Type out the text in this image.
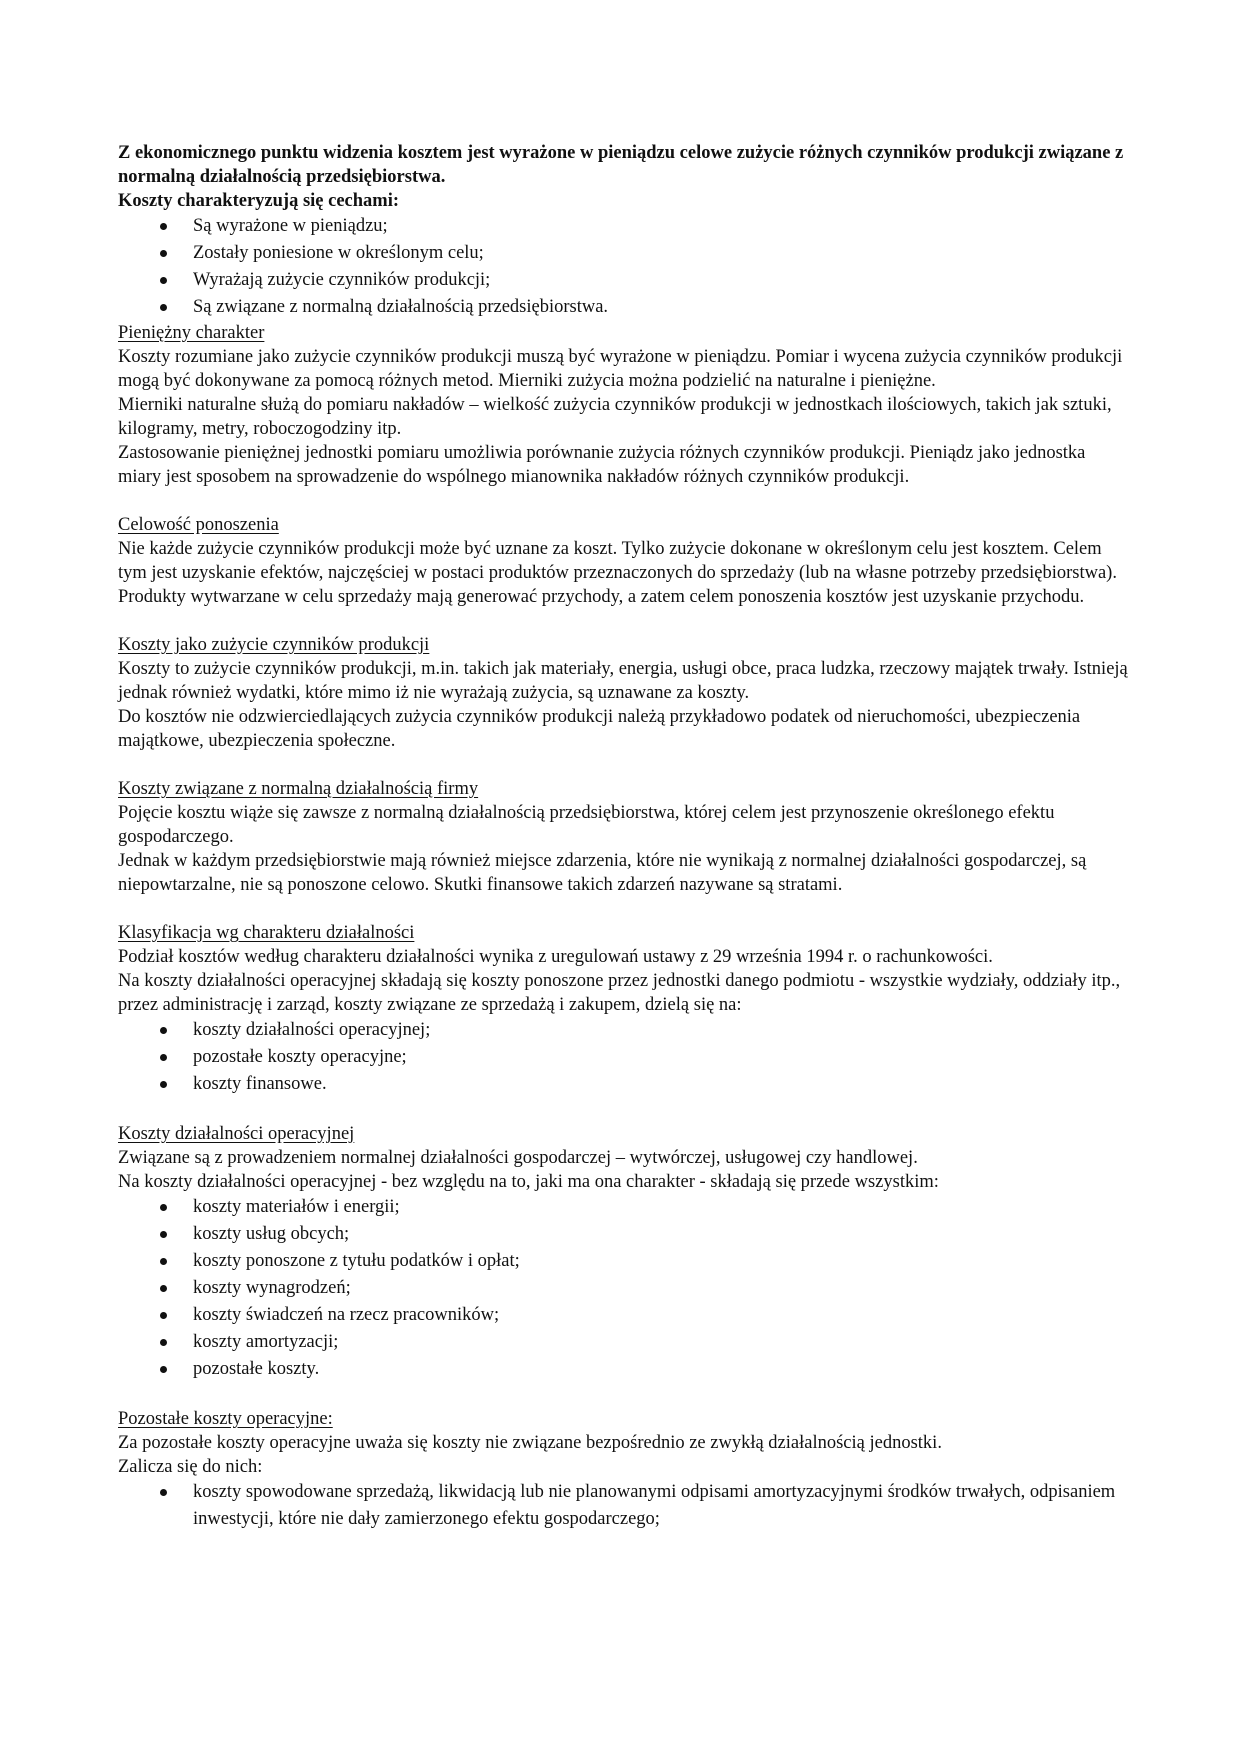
Z ekonomicznego punktu widzenia kosztem jest wyrażone w pieniądzu celowe zużycie różnych czynników produkcji związane z normalną działalnością przedsiębiorstwa.

Koszty charakteryzują się cechami:

Są wyrażone w pieniądzu;
Zostały poniesione w określonym celu;
Wyrażają zużycie czynników produkcji;
Są związane z normalną działalnością przedsiębiorstwa.

Pieniężny charakter

Koszty rozumiane jako zużycie czynników produkcji muszą być wyrażone w pieniądzu. Pomiar i wycena zużycia czynników produkcji mogą być dokonywane za pomocą różnych metod. Mierniki zużycia można podzielić na naturalne i pieniężne.

Mierniki naturalne służą do pomiaru nakładów – wielkość zużycia czynników produkcji w jednostkach ilościowych, takich jak sztuki, kilogramy, metry, roboczogodziny itp.

Zastosowanie pieniężnej jednostki pomiaru umożliwia porównanie zużycia różnych czynników produkcji. Pieniądz jako jednostka miary jest sposobem na sprowadzenie do wspólnego mianownika nakładów różnych czynników produkcji.

Celowość ponoszenia

Nie każde zużycie czynników produkcji może być uznane za koszt. Tylko zużycie dokonane w określonym celu jest kosztem. Celem tym jest uzyskanie efektów, najczęściej w postaci produktów przeznaczonych do sprzedaży (lub na własne potrzeby przedsiębiorstwa). Produkty wytwarzane w celu sprzedaży mają generować przychody, a zatem celem ponoszenia kosztów jest uzyskanie przychodu.

Koszty jako zużycie czynników produkcji

Koszty to zużycie czynników produkcji, m.in. takich jak materiały, energia, usługi obce, praca ludzka, rzeczowy majątek trwały. Istnieją jednak również wydatki, które mimo iż nie wyrażają zużycia, są uznawane za koszty.

Do kosztów nie odzwierciedlających zużycia czynników produkcji należą przykładowo podatek od nieruchomości, ubezpieczenia majątkowe, ubezpieczenia społeczne.

Koszty związane z normalną działalnością firmy

Pojęcie kosztu wiąże się zawsze z normalną działalnością przedsiębiorstwa, której celem jest przynoszenie określonego efektu gospodarczego.

Jednak w każdym przedsiębiorstwie mają również miejsce zdarzenia, które nie wynikają z normalnej działalności gospodarczej, są niepowtarzalne, nie są ponoszone celowo. Skutki finansowe takich zdarzeń nazywane są stratami.

Klasyfikacja wg charakteru działalności

Podział kosztów według charakteru działalności wynika z uregulowań ustawy z 29 września 1994 r. o rachunkowości.

Na koszty działalności operacyjnej składają się koszty ponoszone przez jednostki danego podmiotu - wszystkie wydziały, oddziały itp., przez administrację i zarząd, koszty związane ze sprzedażą i zakupem, dzielą się na:

koszty działalności operacyjnej;
pozostałe koszty operacyjne;
koszty finansowe.

Koszty działalności operacyjnej

Związane są z prowadzeniem normalnej działalności gospodarczej – wytwórczej, usługowej czy handlowej.

Na koszty działalności operacyjnej - bez względu na to, jaki ma ona charakter - składają się przede wszystkim:

koszty materiałów i energii;
koszty usług obcych;
koszty ponoszone z tytułu podatków i opłat;
koszty wynagrodzeń;
koszty świadczeń na rzecz pracowników;
koszty amortyzacji;
pozostałe koszty.

Pozostałe koszty operacyjne:

Za pozostałe koszty operacyjne uważa się koszty nie związane bezpośrednio ze zwykłą działalnością jednostki.

Zalicza się do nich:

koszty spowodowane sprzedażą, likwidacją lub nie planowanymi odpisami amortyzacyjnymi środków trwałych, odpisaniem inwestycji, które nie dały zamierzonego efektu gospodarczego;
